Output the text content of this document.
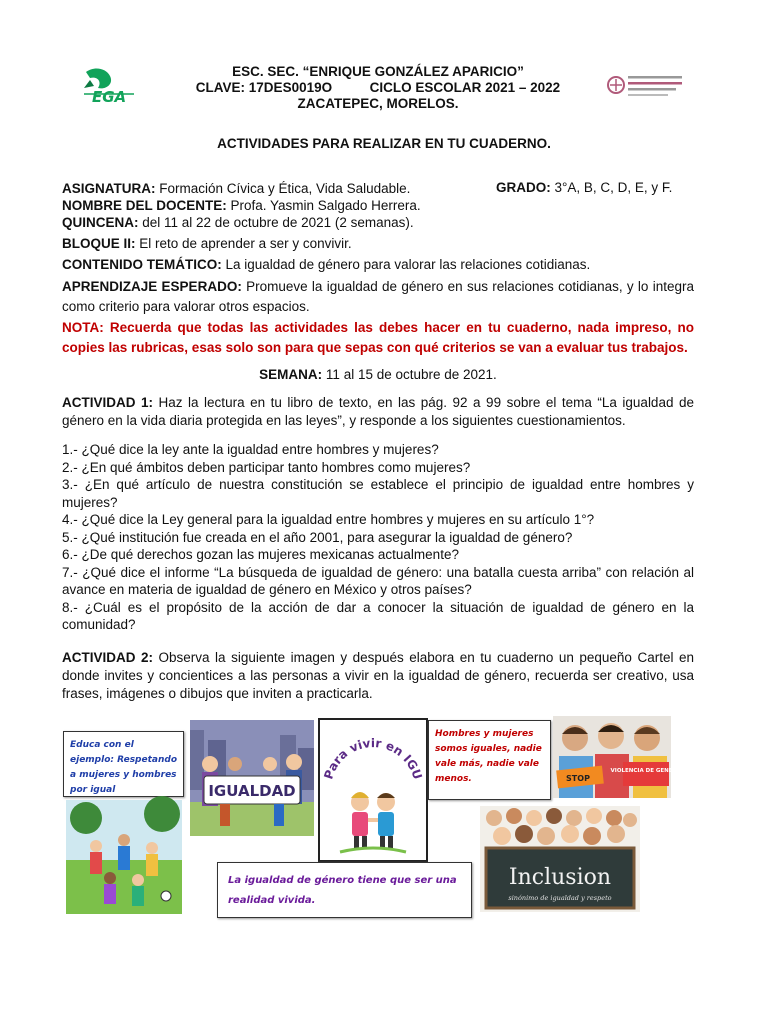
EGA
ESC. SEC. “ENRIQUE GONZÁLEZ APARICIO”
CLAVE: 17DES0019O          CICLO ESCOLAR 2021 – 2022
ZACATEPEC, MORELOS.
ACTIVIDADES PARA REALIZAR EN TU CUADERNO.
ASIGNATURA: Formación Cívica y Ética, Vida Saludable.	GRADO: 3°A, B, C, D, E, y F.
NOMBRE DEL DOCENTE: Profa. Yasmin Salgado Herrera.
QUINCENA: del 11 al 22 de octubre de 2021 (2 semanas).
BLOQUE II: El reto de aprender a ser y convivir.
CONTENIDO TEMÁTICO: La igualdad de género para valorar las relaciones cotidianas.
APRENDIZAJE ESPERADO: Promueve la igualdad de género en sus relaciones cotidianas, y lo integra como criterio para valorar otros espacios.
NOTA: Recuerda que todas las actividades las debes hacer en tu cuaderno, nada impreso, no copies las rubricas, esas solo son para que sepas con qué criterios se van a evaluar tus trabajos.
SEMANA: 11 al 15 de octubre de 2021.
ACTIVIDAD 1: Haz la lectura en tu libro de texto, en las pág. 92 a 99 sobre el tema “La igualdad de género en la vida diaria protegida en las leyes”, y responde a los siguientes cuestionamientos.

1.- ¿Qué dice la ley ante la igualdad entre hombres y mujeres?

2.- ¿En qué ámbitos deben participar tanto hombres como mujeres?

3.- ¿En qué artículo de nuestra constitución se establece el principio de igualdad entre hombres y mujeres?

4.- ¿Qué dice la Ley general para la igualdad entre hombres y mujeres en su artículo 1°?

5.- ¿Qué institución fue creada en el año 2001, para asegurar la igualdad de género?

6.- ¿De qué derechos gozan las mujeres mexicanas actualmente?

7.- ¿Qué dice el informe “La búsqueda de igualdad de género: una batalla cuesta arriba” con relación al avance en materia de igualdad de género en México y otros países?

8.- ¿Cuál es el propósito de la acción de dar a conocer la situación de igualdad de género en la comunidad?

ACTIVIDAD 2: Observa la siguiente imagen y después elabora en tu cuaderno un pequeño Cartel en donde invites y concientices a las personas a vivir en la igualdad de género, recuerda ser creativo, usa frases, imágenes o dibujos que inviten a practicarla.
Educa con el ejemplo: Respetando a mujeres y hombres por igual	IGUALDAD
Para vivir en IGU
Hombres y mujeres somos iguales, nadie vale más, nadie vale menos.	STOP
VIOLENCIA DE GENERO
La igualdad de género tiene que ser una realidad vivida.
Inclusion
sinónimo de igualdad y respeto
